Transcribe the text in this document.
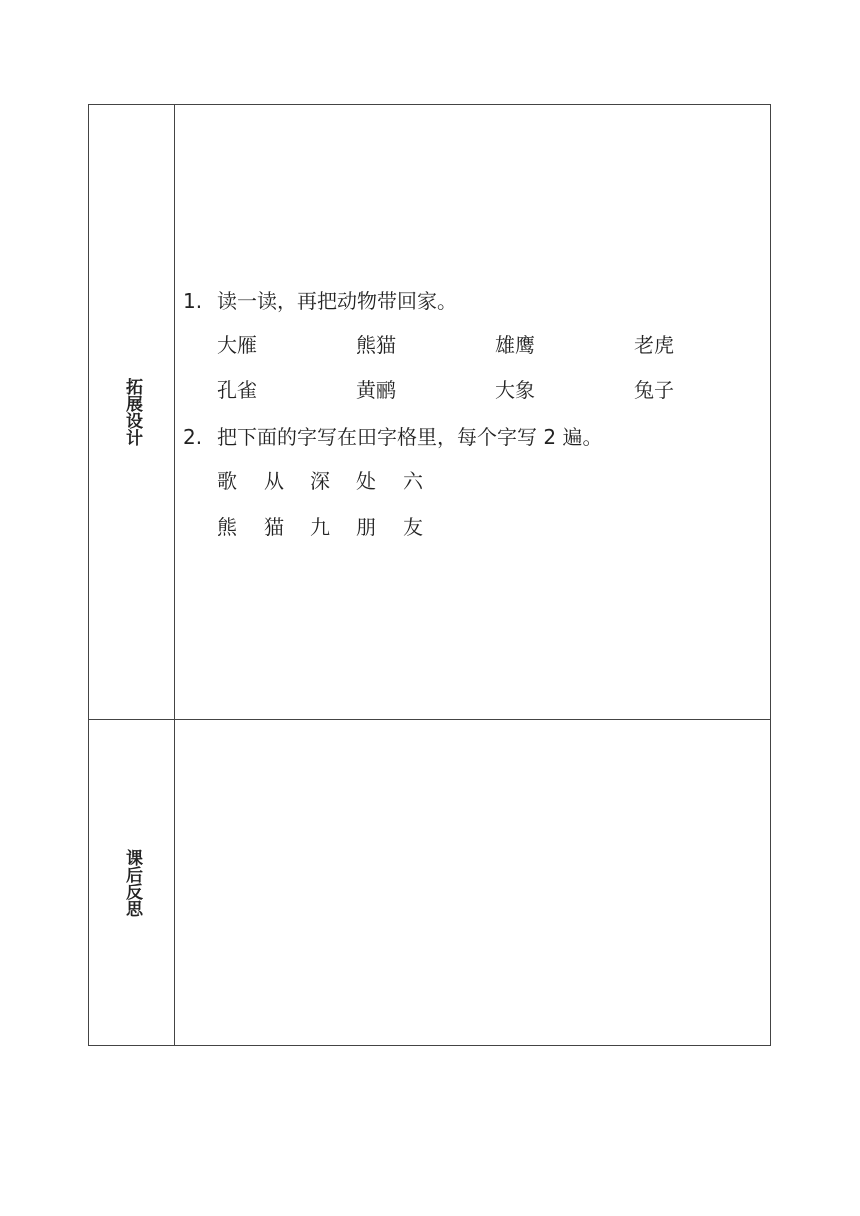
拓展设计
1. 读一读，再把动物带回家。
大雁	熊猫	雄鹰	老虎
孔雀	黄鹂	大象	兔子
2. 把下面的字写在田字格里，每个字写 2 遍。
歌 从 深 处 六
熊 猫 九 朋 友
课后反思
